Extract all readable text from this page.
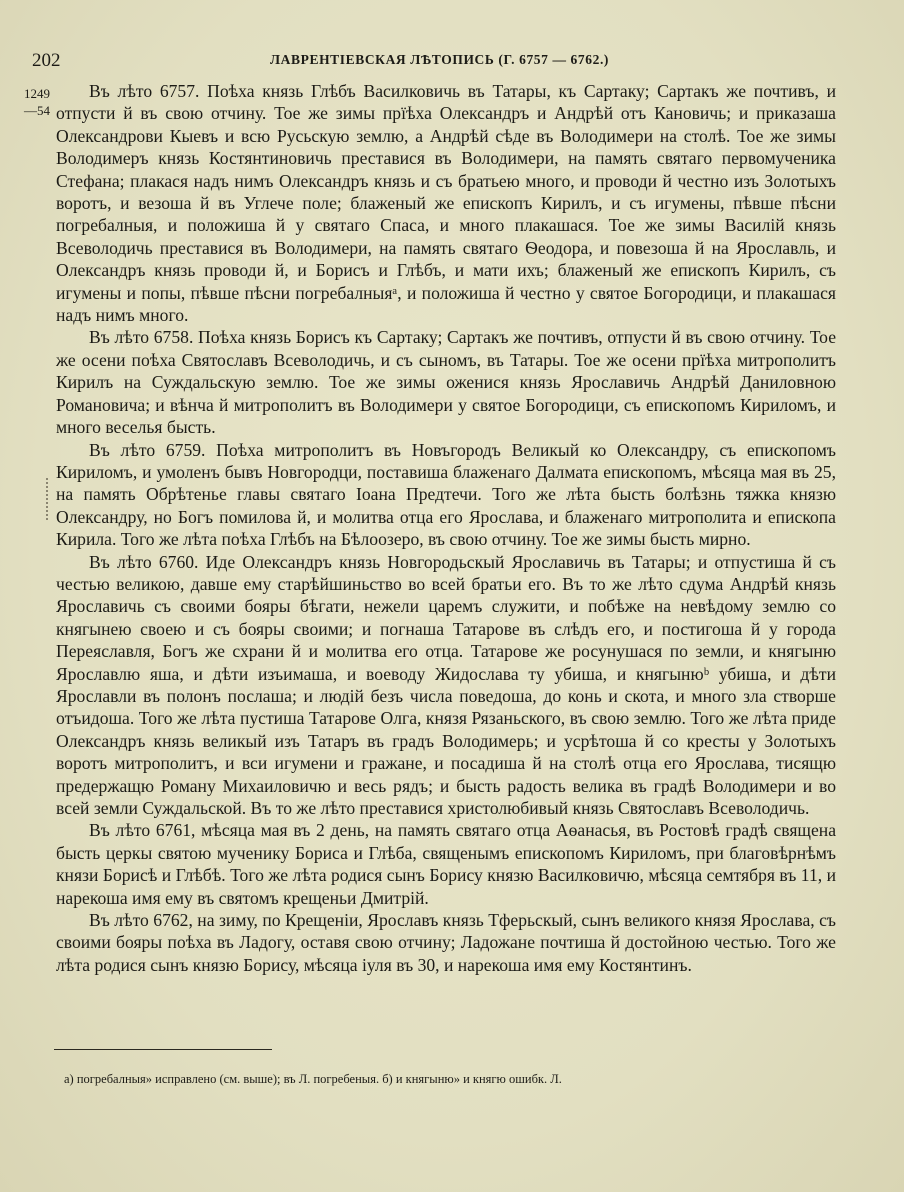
202	ЛАВРЕНТІЕВСКАЯ ЛѢТОПИСЬ (Г. 6757 — 6762.)
1249
—54

Въ лѣто 6757. Поѣха князь Глѣбъ Василковичь въ Татары, къ Сартаку; Сартакъ же почтивъ, и отпусти й въ свою отчину. Тое же зимы прїѣха Олександръ и Андрѣй отъ Кановичь; и приказаша Олександрови Кыевъ и всю Русьскую землю, а Андрѣй сѣде въ Володимери на столѣ. Тое же зимы Володимеръ князь Костянтиновичь преставися въ Володимери, на память святаго первомученика Стефана; плакася надъ нимъ Олександръ князь и съ братьею много, и проводи й честно изъ Золотыхъ воротъ, и везоша й въ Углече поле; блаженый же епископъ Кирилъ, и съ игумены, пѣвше пѣсни погребалныя, и положиша й у святаго Спаса, и много плакашася. Тое же зимы Василій князь Всеволодичь преставися въ Володимери, на память святаго Ѳеодора, и повезоша й на Ярославль, и Олександръ князь проводи й, и Борисъ и Глѣбъ, и мати ихъ; блаженый же епископъ Кирилъ, съ игумены и попы, пѣвше пѣсни погребалныяᵃ, и положиша й честно у святое Богородици, и плакашася надъ нимъ много.

Въ лѣто 6758. Поѣха князь Борисъ къ Сартаку; Сартакъ же почтивъ, отпусти й въ свою отчину. Тое же осени поѣха Святославъ Всеволодичь, и съ сыномъ, въ Татары. Тое же осени прїѣха митрополитъ Кирилъ на Суждальскую землю. Тое же зимы оженися князь Ярославичь Андрѣй Даниловною Романовича; и вѣнча й митрополитъ въ Володимери у святое Богородици, съ епископомъ Кириломъ, и много веселья бысть.

Въ лѣто 6759. Поѣха митрополитъ въ Новъгородъ Великый ко Олександру, съ епископомъ Кириломъ, и умоленъ бывъ Новгородци, поставиша блаженаго Далмата епископомъ, мѣсяца мая въ 25, на память Обрѣтенье главы святаго Іоана Предтечи. Того же лѣта бысть болѣзнь тяжка князю Олександру, но Богъ помилова й, и молитва отца его Ярослава, и блаженаго митрополита и епископа Кирила. Того же лѣта поѣха Глѣбъ на Бѣлоозеро, въ свою отчину. Тое же зимы бысть мирно.

Въ лѣто 6760. Иде Олександръ князь Новгородьскый Ярославичь въ Татары; и отпустиша й съ честью великою, давше ему старѣйшиньство во всей братьи его. Въ то же лѣто сдума Андрѣй князь Ярославичь съ своими бояры бѣгати, нежели царемъ служити, и побѣже на невѣдому землю со княгынею своею и съ бояры своими; и погнаша Татарове въ слѣдъ его, и постигоша й у города Переяславля, Богъ же схрани й и молитва его отца. Татарове же росунушася по земли, и княгыню Ярославлю яша, и дѣти изъимаша, и воеводу Жидослава ту убиша, и княгынюᵇ убиша, и дѣти Ярославли въ полонъ послаша; и людій безъ числа поведоша, до конь и скота, и много зла створше отъидоша. Того же лѣта пустиша Татарове Олга, князя Рязаньского, въ свою землю. Того же лѣта приде Олександръ князь великый изъ Татаръ въ градъ Володимерь; и усрѣтоша й со кресты у Золотыхъ воротъ митрополитъ, и вси игумени и гражане, и посадиша й на столѣ отца его Ярослава, тисящю предержащю Роману Михаиловичю и весь рядъ; и бысть радость велика въ градѣ Володимери и во всей земли Суждальской. Въ то же лѣто преставися христолюбивый князь Святославъ Всеволодичь.

Въ лѣто 6761, мѣсяца мая въ 2 день, на память святаго отца Аѳанасья, въ Ростовѣ градѣ священа бысть церкы святою мученику Бориса и Глѣба, священымъ епископомъ Кириломъ, при благовѣрнѣмъ князи Борисѣ и Глѣбѣ. Того же лѣта родися сынъ Борису князю Василковичю, мѣсяца семтября въ 11, и нарекоша имя ему въ святомъ крещеньи Дмитрій.

Въ лѣто 6762, на зиму, по Крещеніи, Ярославъ князь Тферьскый, сынъ великого князя Ярослава, съ своими бояры поѣха въ Ладогу, оставя свою отчину; Ладожане почтиша й достойною честью. Того же лѣта родися сынъ князю Борису, мѣсяца іуля въ 30, и нарекоша имя ему Костянтинъ.

а) погребалныя» исправлено (см. выше); въ Л. погребеныя. б) и княгыню» и княгю ошибк. Л.
